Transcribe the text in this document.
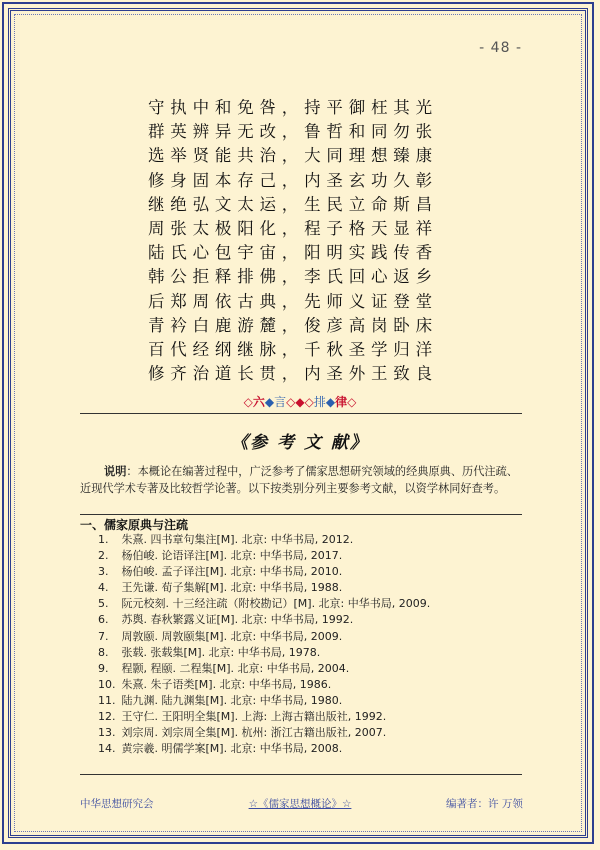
- 48 -
守执中和免咎，持平御枉其光
群英辨异无改，鲁哲和同勿张
选举贤能共治，大同理想臻康
修身固本存己，内圣玄功久彰
继绝弘文太运，生民立命斯昌
周张太极阳化，程子格天显祥
陆氏心包宇宙，阳明实践传香
韩公拒释排佛，李氏回心返乡
后郑周依古典，先师义证登堂
青衿白鹿游麓，俊彦高岗卧床
百代经纲继脉，千秋圣学归洋
修齐治道长贯，内圣外王致良
◇六◆言◇◆◇排◆律◇
《参 考 文 献》
说明：本概论在编著过程中，广泛参考了儒家思想研究领域的经典原典、历代注疏、近现代学术专著及比较哲学论著。以下按类别分列主要参考文献，以资学林同好查考。
一、儒家原典与注疏
1. 朱熹. 四书章句集注[M]. 北京: 中华书局, 2012.
2. 杨伯峻. 论语译注[M]. 北京: 中华书局, 2017.
3. 杨伯峻. 孟子译注[M]. 北京: 中华书局, 2010.
4. 王先谦. 荀子集解[M]. 北京: 中华书局, 1988.
5. 阮元校刻. 十三经注疏（附校勘记）[M]. 北京: 中华书局, 2009.
6. 苏舆. 春秋繁露义证[M]. 北京: 中华书局, 1992.
7. 周敦颐. 周敦颐集[M]. 北京: 中华书局, 2009.
8. 张载. 张载集[M]. 北京: 中华书局, 1978.
9. 程颢, 程颐. 二程集[M]. 北京: 中华书局, 2004.
10. 朱熹. 朱子语类[M]. 北京: 中华书局, 1986.
11. 陆九渊. 陆九渊集[M]. 北京: 中华书局, 1980.
12. 王守仁. 王阳明全集[M]. 上海: 上海古籍出版社, 1992.
13. 刘宗周. 刘宗周全集[M]. 杭州: 浙江古籍出版社, 2007.
14. 黄宗羲. 明儒学案[M]. 北京: 中华书局, 2008.
中华思想研究会	☆《儒家思想概论》☆	编著者：许 万领
